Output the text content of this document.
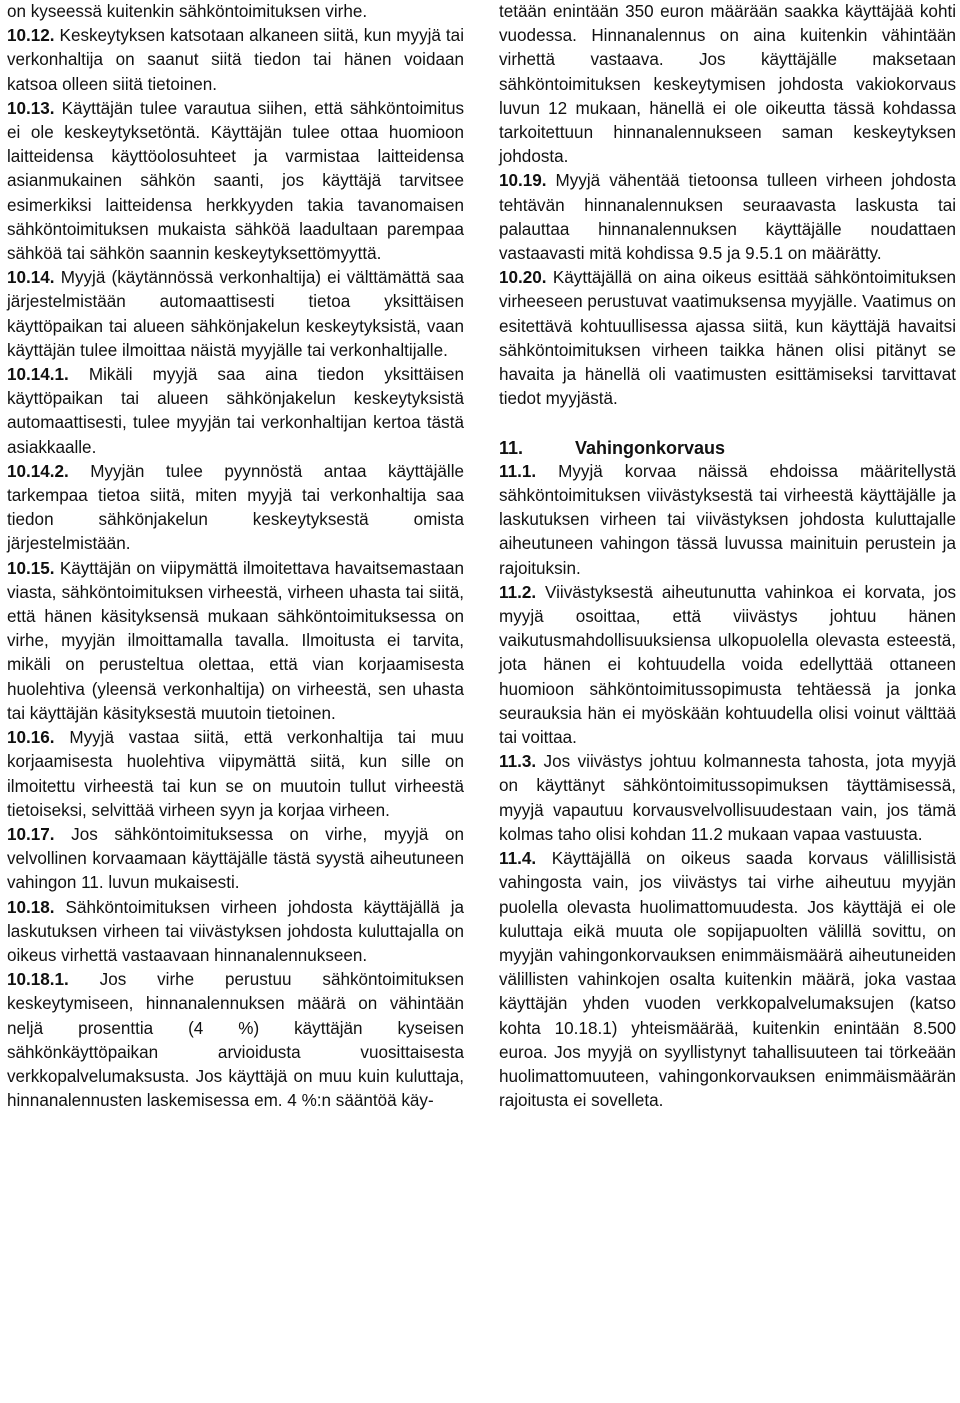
on kyseessä kuitenkin sähköntoimituksen virhe.

10.12. Keskeytyksen katsotaan alkaneen siitä, kun myyjä tai verkonhaltija on saanut siitä tiedon tai hänen voidaan katsoa olleen siitä tietoinen.

10.13. Käyttäjän tulee varautua siihen, että sähköntoimitus ei ole keskeytyksetöntä. Käyttäjän tulee ottaa huomioon laitteidensa käyttöolosuhteet ja varmistaa laitteidensa asianmukainen sähkön saanti, jos käyttäjä tarvitsee esimerkiksi laitteidensa herkkyyden takia tavanomaisen sähköntoimituksen mukaista sähköä laadultaan parempaa sähköä tai sähkön saannin keskeytyksettömyyttä.

10.14. Myyjä (käytännössä verkonhaltija) ei välttämättä saa järjestelmistään automaattisesti tietoa yksittäisen käyttöpaikan tai alueen sähkönjakelun keskeytyksistä, vaan käyttäjän tulee ilmoittaa näistä myyjälle tai verkonhaltijalle.

10.14.1. Mikäli myyjä saa aina tiedon yksittäisen käyttöpaikan tai alueen sähkönjakelun keskeytyksistä automaattisesti, tulee myyjän tai verkonhaltijan kertoa tästä asiakkaalle.

10.14.2. Myyjän tulee pyynnöstä antaa käyttäjälle tarkempaa tietoa siitä, miten myyjä tai verkonhaltija saa tiedon sähkönjakelun keskeytyksestä omista järjestelmistään.

10.15. Käyttäjän on viipymättä ilmoitettava havaitsemastaan viasta, sähköntoimituksen virheestä, virheen uhasta tai siitä, että hänen käsityksensä mukaan sähköntoimituksessa on virhe, myyjän ilmoittamalla tavalla. Ilmoitusta ei tarvita, mikäli on perusteltua olettaa, että vian korjaamisesta huolehtiva (yleensä verkonhaltija) on virheestä, sen uhasta tai käyttäjän käsityksestä muutoin tietoinen.

10.16. Myyjä vastaa siitä, että verkonhaltija tai muu korjaamisesta huolehtiva viipymättä siitä, kun sille on ilmoitettu virheestä tai kun se on muutoin tullut virheestä tietoiseksi, selvittää virheen syyn ja korjaa virheen.

10.17. Jos sähköntoimituksessa on virhe, myyjä on velvollinen korvaamaan käyttäjälle tästä syystä aiheutuneen vahingon 11. luvun mukaisesti.

10.18. Sähköntoimituksen virheen johdosta käyttäjällä ja laskutuksen virheen tai viivästyksen johdosta kuluttajalla on oikeus virhettä vastaavaan hinnanalennukseen.

10.18.1. Jos virhe perustuu sähköntoimituksen keskeytymiseen, hinnanalennuksen määrä on vähintään neljä prosenttia (4 %) käyttäjän kyseisen sähkönkäyttöpaikan arvioidusta vuosittaisesta verkkopalvelumaksusta. Jos käyttäjä on muu kuin kuluttaja, hinnanalennusten laskemisessa em. 4 %:n sääntöä käy-

tetään enintään 350 euron määrään saakka käyttäjää kohti vuodessa. Hinnanalennus on aina kuitenkin vähintään virhettä vastaava. Jos käyttäjälle maksetaan sähköntoimituksen keskeytymisen johdosta vakiokorvaus luvun 12 mukaan, hänellä ei ole oikeutta tässä kohdassa tarkoitettuun hinnanalennukseen saman keskeytyksen johdosta.

10.19. Myyjä vähentää tietoonsa tulleen virheen johdosta tehtävän hinnanalennuksen seuraavasta laskusta tai palauttaa hinnanalennuksen käyttäjälle noudattaen vastaavasti mitä kohdissa 9.5 ja 9.5.1 on määrätty.

10.20. Käyttäjällä on aina oikeus esittää sähköntoimituksen virheeseen perustuvat vaatimuksensa myyjälle. Vaatimus on esitettävä kohtuullisessa ajassa siitä, kun käyttäjä havaitsi sähköntoimituksen virheen taikka hänen olisi pitänyt se havaita ja hänellä oli vaatimusten esittämiseksi tarvittavat tiedot myyjästä.

11.	Vahingonkorvaus

11.1. Myyjä korvaa näissä ehdoissa määritellystä sähköntoimituksen viivästyksestä tai virheestä käyttäjälle ja laskutuksen virheen tai viivästyksen johdosta kuluttajalle aiheutuneen vahingon tässä luvussa mainituin perustein ja rajoituksin.

11.2. Viivästyksestä aiheutunutta vahinkoa ei korvata, jos myyjä osoittaa, että viivästys johtuu hänen vaikutusmahdollisuuksiensa ulkopuolella olevasta esteestä, jota hänen ei kohtuudella voida edellyttää ottaneen huomioon sähköntoimitussopimusta tehtäessä ja jonka seurauksia hän ei myöskään kohtuudella olisi voinut välttää tai voittaa.

11.3. Jos viivästys johtuu kolmannesta tahosta, jota myyjä on käyttänyt sähköntoimitussopimuksen täyttämisessä, myyjä vapautuu korvausvelvollisuudestaan vain, jos tämä kolmas taho olisi kohdan 11.2 mukaan vapaa vastuusta.

11.4. Käyttäjällä on oikeus saada korvaus välillisistä vahingosta vain, jos viivästys tai virhe aiheutuu myyjän puolella olevasta huolimattomuudesta. Jos käyttäjä ei ole kuluttaja eikä muuta ole sopijapuolten välillä sovittu, on myyjän vahingonkorvauksen enimmäismäärä aiheutuneiden välillisten vahinkojen osalta kuitenkin määrä, joka vastaa käyttäjän yhden vuoden verkkopalvelumaksujen (katso kohta 10.18.1) yhteismäärää, kuitenkin enintään 8.500 euroa. Jos myyjä on syyllistynyt tahallisuuteen tai törkeään huolimattomuuteen, vahingonkorvauksen enimmäismäärän rajoitusta ei sovelleta.
